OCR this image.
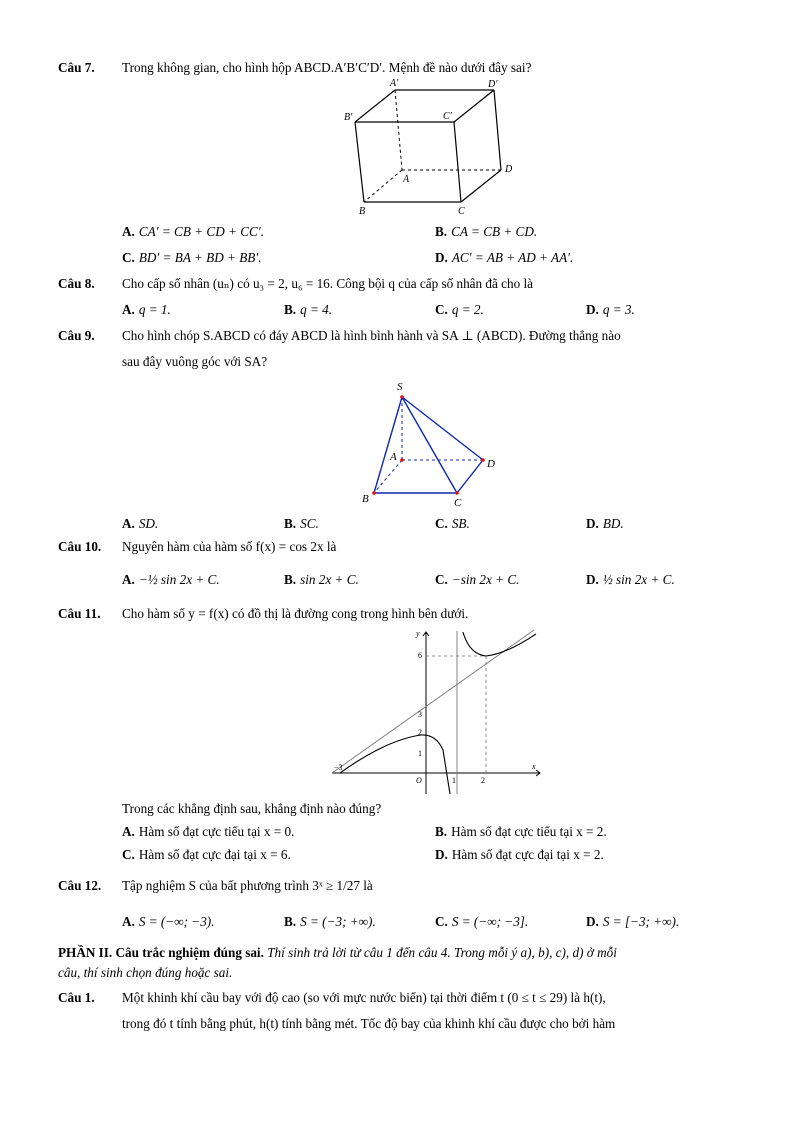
Câu 7. Trong không gian, cho hình hộp ABCD.A′B′C′D′. Mệnh đề nào dưới đây sai?
A′	D′
B′	C′
A
D
B	C
A. CA′ = CB + CD + CC′.	B. CA = CB + CD.
C. BD′ = BA + BD + BB′.	D. AC′ = AB + AD + AA′.
Câu 8. Cho cấp số nhân (uₙ) có u₃ = 2, u₆ = 16. Công bội q của cấp số nhân đã cho là
A. q = 1.	B. q = 4.	C. q = 2.	D. q = 3.
Câu 9. Cho hình chóp S.ABCD có đáy ABCD là hình bình hành và SA ⊥ (ABCD). Đường thẳng nào
sau đây vuông góc với SA?
S
A
D
B	C
A. SD.	B. SC.	C. SB.	D. BD.
Câu 10. Nguyên hàm của hàm số f(x) = cos 2x là
A. −½ sin 2x + C.	B. sin 2x + C.	C. −sin 2x + C.	D. ½ sin 2x + C.
Câu 11. Cho hàm số y = f(x) có đồ thị là đường cong trong hình bên dưới.
y
x
O
−3
1	2
6
3
2
1
Trong các khẳng định sau, khẳng định nào đúng?
A. Hàm số đạt cực tiểu tại x = 0.	B. Hàm số đạt cực tiểu tại x = 2.
C. Hàm số đạt cực đại tại x = 6.	D. Hàm số đạt cực đại tại x = 2.
Câu 12. Tập nghiệm S của bất phương trình 3ˣ ≥ 1/27 là
A. S = (−∞; −3).	B. S = (−3; +∞).	C. S = (−∞; −3].	D. S = [−3; +∞).
PHẦN II. Câu trắc nghiệm đúng sai. Thí sinh trả lời từ câu 1 đến câu 4. Trong mỗi ý a), b), c), d) ở mỗi
câu, thí sinh chọn đúng hoặc sai.
Câu 1. Một khinh khí cầu bay với độ cao (so với mực nước biển) tại thời điểm t (0 ≤ t ≤ 29) là h(t),
trong đó t tính bằng phút, h(t) tính bằng mét. Tốc độ bay của khinh khí cầu được cho bởi hàm
